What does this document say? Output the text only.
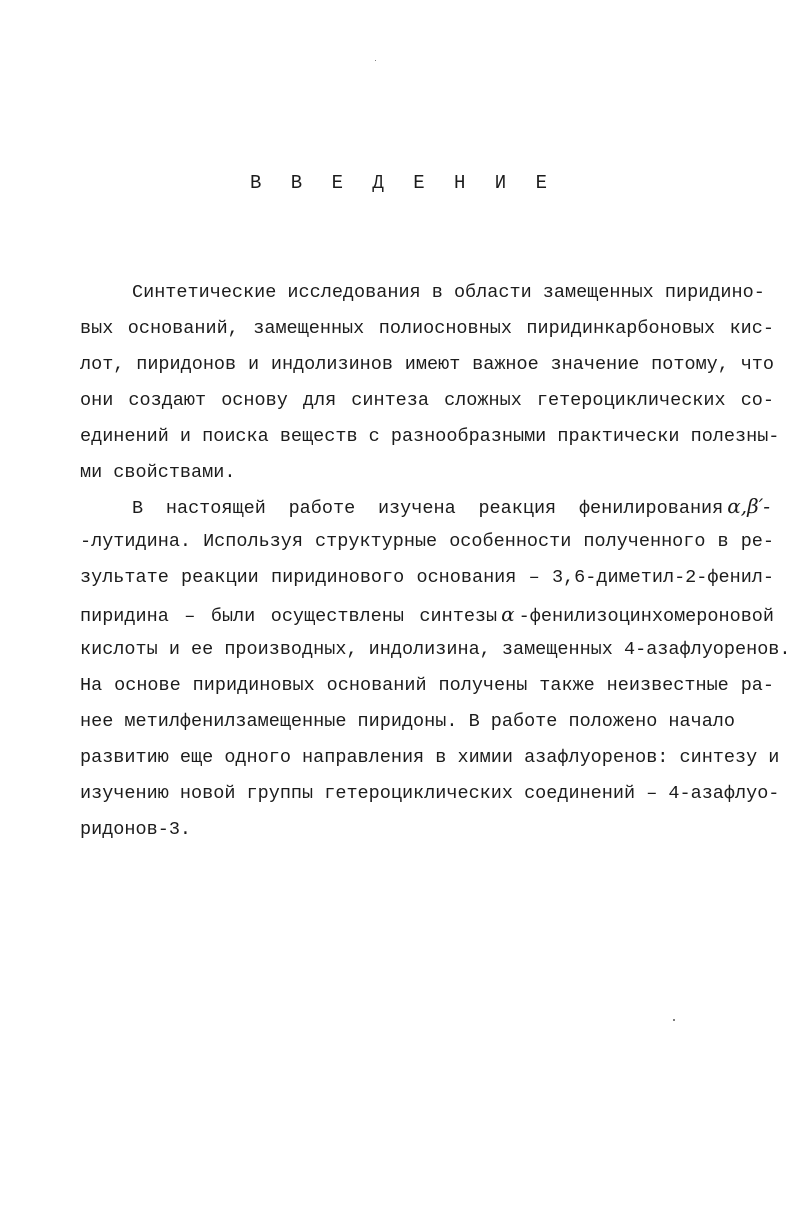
В В Е Д Е Н И Е
Синтетические исследования в области замещенных пиридино-
вых оснований, замещенных полиосновных пиридинкарбоновых кис-
лот, пиридонов и индолизинов имеют важное значение потому, что
они создают основу для синтеза сложных гетероциклических со-
единений и поиска веществ с разнообразными практически полезны-
ми свойствами.
В настоящей работе изучена реакция фенилирования α,β′-
-лутидина. Используя структурные особенности полученного в ре-
зультате реакции пиридинового основания – 3,6-диметил-2-фенил-
пиридина – были осуществлены синтезы α -фенилизоцинхомероновой
кислоты и ее производных, индолизина, замещенных 4-азафлуоренов.
На основе пиридиновых оснований получены также неизвестные ра-
нее метилфенилзамещенные пиридоны. В работе положено начало
развитию еще одного направления в химии азафлуоренов: синтезу и
изучению новой группы гетероциклических соединений – 4-азафлуо-
ридонов-3.
